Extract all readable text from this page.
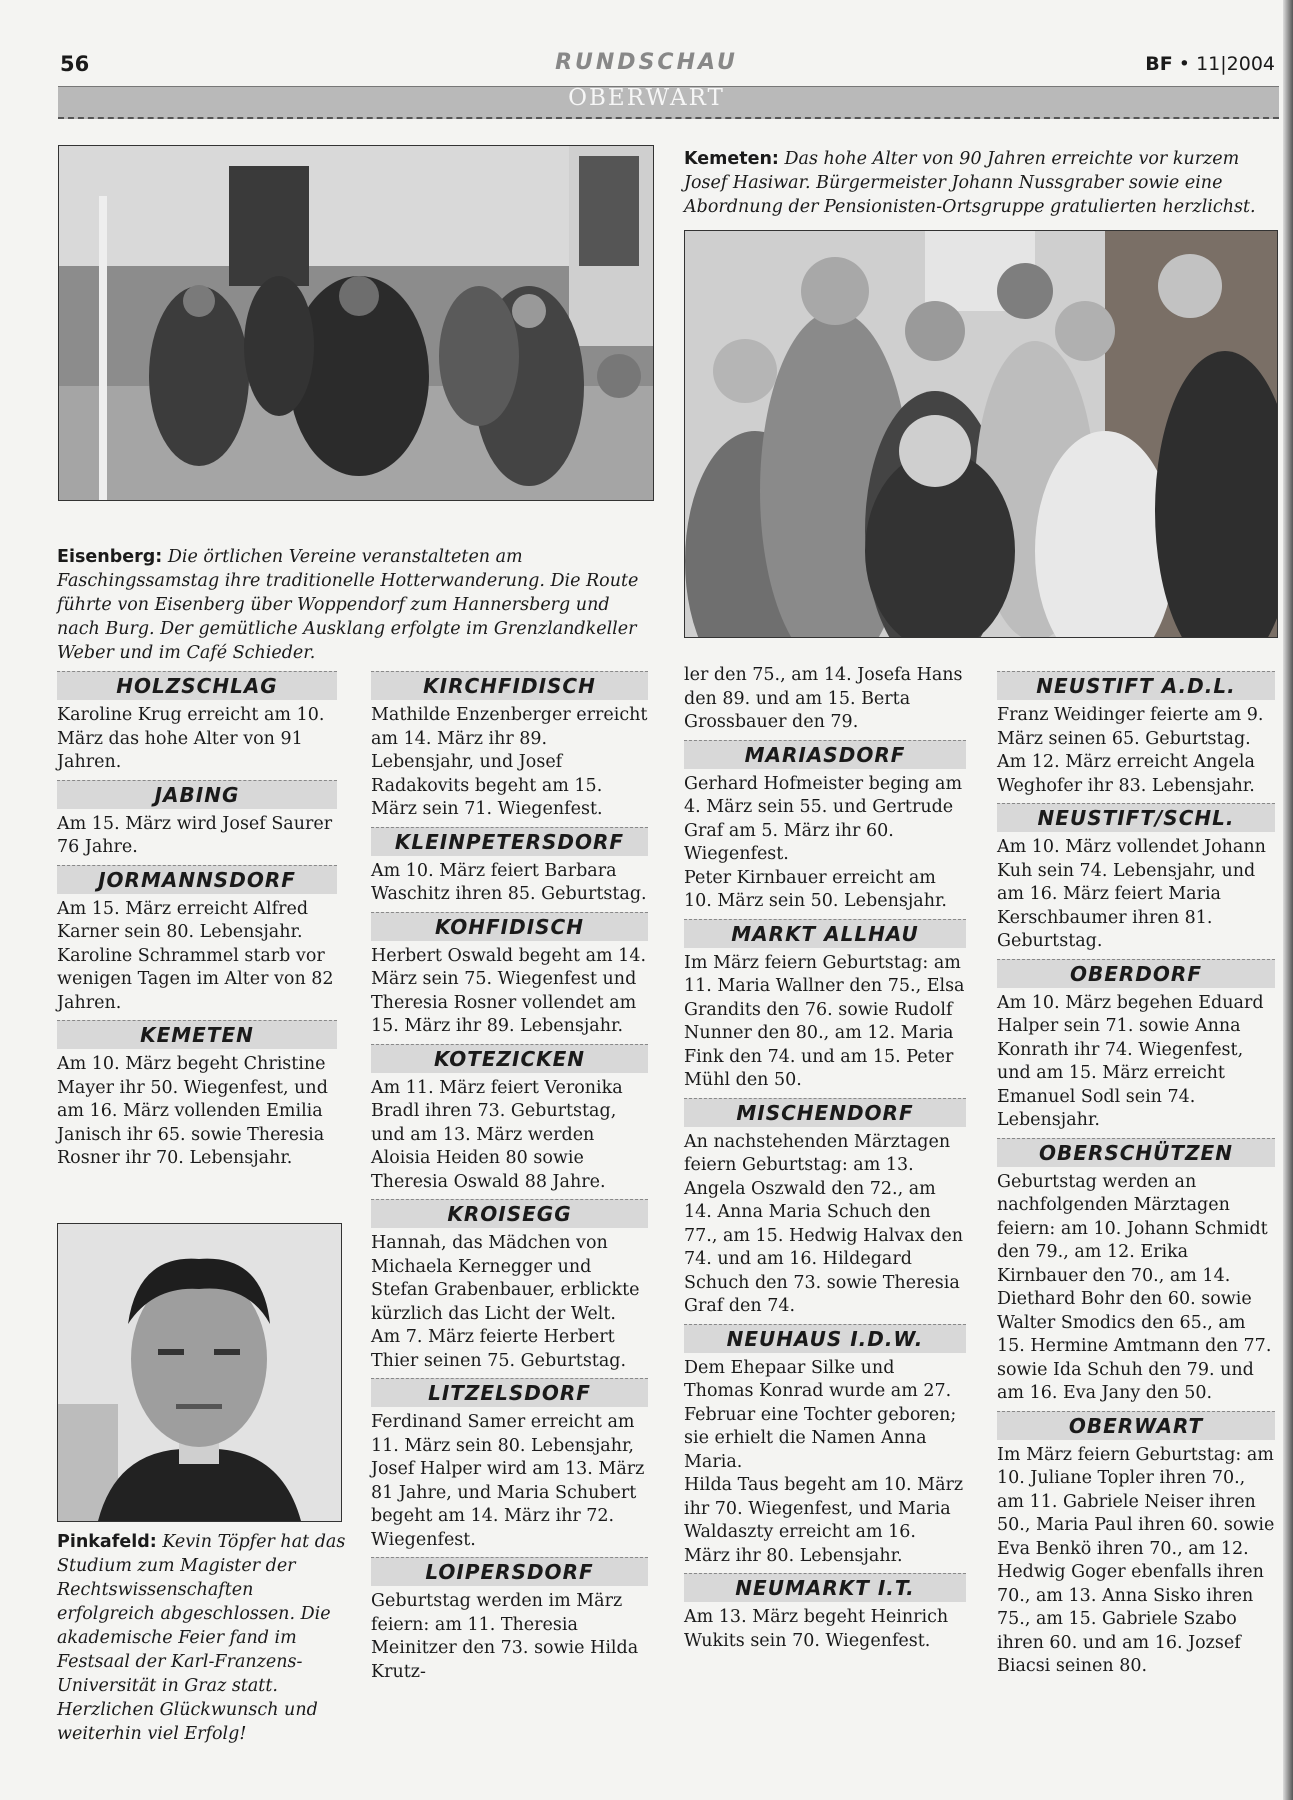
56	RUNDSCHAU	BF • 11|2004
OBERWART
Eisenberg: Die örtlichen Vereine veranstalteten am Faschingssamstag ihre traditionelle Hotterwanderung. Die Route führte von Eisenberg über Woppendorf zum Hannersberg und nach Burg. Der gemütliche Ausklang erfolgte im Grenzlandkeller Weber und im Café Schieder.
Kemeten: Das hohe Alter von 90 Jahren erreichte vor kurzem Josef Hasiwar. Bürgermeister Johann Nussgraber sowie eine Abordnung der Pensionisten-Ortsgruppe gratulierten herzlichst.
Pinkafeld: Kevin Töpfer hat das Studium zum Magister der Rechtswissenschaften erfolgreich abgeschlossen. Die akademische Feier fand im Festsaal der Karl-Franzens-Universität in Graz statt. Herzlichen Glückwunsch und weiterhin viel Erfolg!
HOLZSCHLAG

Karoline Krug erreicht am 10. März das hohe Alter von 91 Jahren.

JABING

Am 15. März wird Josef Saurer 76 Jahre.

JORMANNSDORF

Am 15. März erreicht Alfred Karner sein 80. Lebensjahr. Karoline Schrammel starb vor wenigen Tagen im Alter von 82 Jahren.

KEMETEN

Am 10. März begeht Christine Mayer ihr 50. Wiegenfest, und am 16. März vollenden Emilia Janisch ihr 65. sowie Theresia Rosner ihr 70. Lebensjahr.

KIRCHFIDISCH

Mathilde Enzenberger erreicht am 14. März ihr 89. Lebensjahr, und Josef Radakovits begeht am 15. März sein 71. Wiegenfest.

KLEINPETERSDORF

Am 10. März feiert Barbara Waschitz ihren 85. Geburtstag.

KOHFIDISCH

Herbert Oswald begeht am 14. März sein 75. Wiegenfest und Theresia Rosner vollendet am 15. März ihr 89. Lebensjahr.

KOTEZICKEN

Am 11. März feiert Veronika Bradl ihren 73. Geburtstag, und am 13. März werden Aloisia Heiden 80 sowie Theresia Oswald 88 Jahre.

KROISEGG

Hannah, das Mädchen von Michaela Kernegger und Stefan Grabenbauer, erblickte kürzlich das Licht der Welt. Am 7. März feierte Herbert Thier seinen 75. Geburtstag.

LITZELSDORF

Ferdinand Samer erreicht am 11. März sein 80. Lebensjahr, Josef Halper wird am 13. März 81 Jahre, und Maria Schubert begeht am 14. März ihr 72. Wiegenfest.

LOIPERSDORF

Geburtstag werden im März feiern: am 11. Theresia Meinitzer den 73. sowie Hilda Krutz-

ler den 75., am 14. Josefa Hans den 89. und am 15. Berta Grossbauer den 79.

MARIASDORF

Gerhard Hofmeister beging am 4. März sein 55. und Gertrude Graf am 5. März ihr 60. Wiegenfest.
Peter Kirnbauer erreicht am 10. März sein 50. Lebensjahr.

MARKT ALLHAU

Im März feiern Geburtstag: am 11. Maria Wallner den 75., Elsa Grandits den 76. sowie Rudolf Nunner den 80., am 12. Maria Fink den 74. und am 15. Peter Mühl den 50.

MISCHENDORF

An nachstehenden Märztagen feiern Geburtstag: am 13. Angela Oszwald den 72., am 14. Anna Maria Schuch den 77., am 15. Hedwig Halvax den 74. und am 16. Hildegard Schuch den 73. sowie Theresia Graf den 74.

NEUHAUS I.D.W.

Dem Ehepaar Silke und Thomas Konrad wurde am 27. Februar eine Tochter geboren; sie erhielt die Namen Anna Maria.
Hilda Taus begeht am 10. März ihr 70. Wiegenfest, und Maria Waldaszty erreicht am 16. März ihr 80. Lebensjahr.

NEUMARKT I.T.

Am 13. März begeht Heinrich Wukits sein 70. Wiegenfest.

NEUSTIFT A.D.L.

Franz Weidinger feierte am 9. März seinen 65. Geburtstag. Am 12. März erreicht Angela Weghofer ihr 83. Lebensjahr.

NEUSTIFT/SCHL.

Am 10. März vollendet Johann Kuh sein 74. Lebensjahr, und am 16. März feiert Maria Kerschbaumer ihren 81. Geburtstag.

OBERDORF

Am 10. März begehen Eduard Halper sein 71. sowie Anna Konrath ihr 74. Wiegenfest, und am 15. März erreicht Emanuel Sodl sein 74. Lebensjahr.

OBERSCHÜTZEN

Geburtstag werden an nachfolgenden Märztagen feiern: am 10. Johann Schmidt den 79., am 12. Erika Kirnbauer den 70., am 14. Diethard Bohr den 60. sowie Walter Smodics den 65., am 15. Hermine Amtmann den 77. sowie Ida Schuh den 79. und am 16. Eva Jany den 50.

OBERWART

Im März feiern Geburtstag: am 10. Juliane Topler ihren 70., am 11. Gabriele Neiser ihren 50., Maria Paul ihren 60. sowie Eva Benkö ihren 70., am 12. Hedwig Goger ebenfalls ihren 70., am 13. Anna Sisko ihren 75., am 15. Gabriele Szabo ihren 60. und am 16. Jozsef Biacsi seinen 80.
